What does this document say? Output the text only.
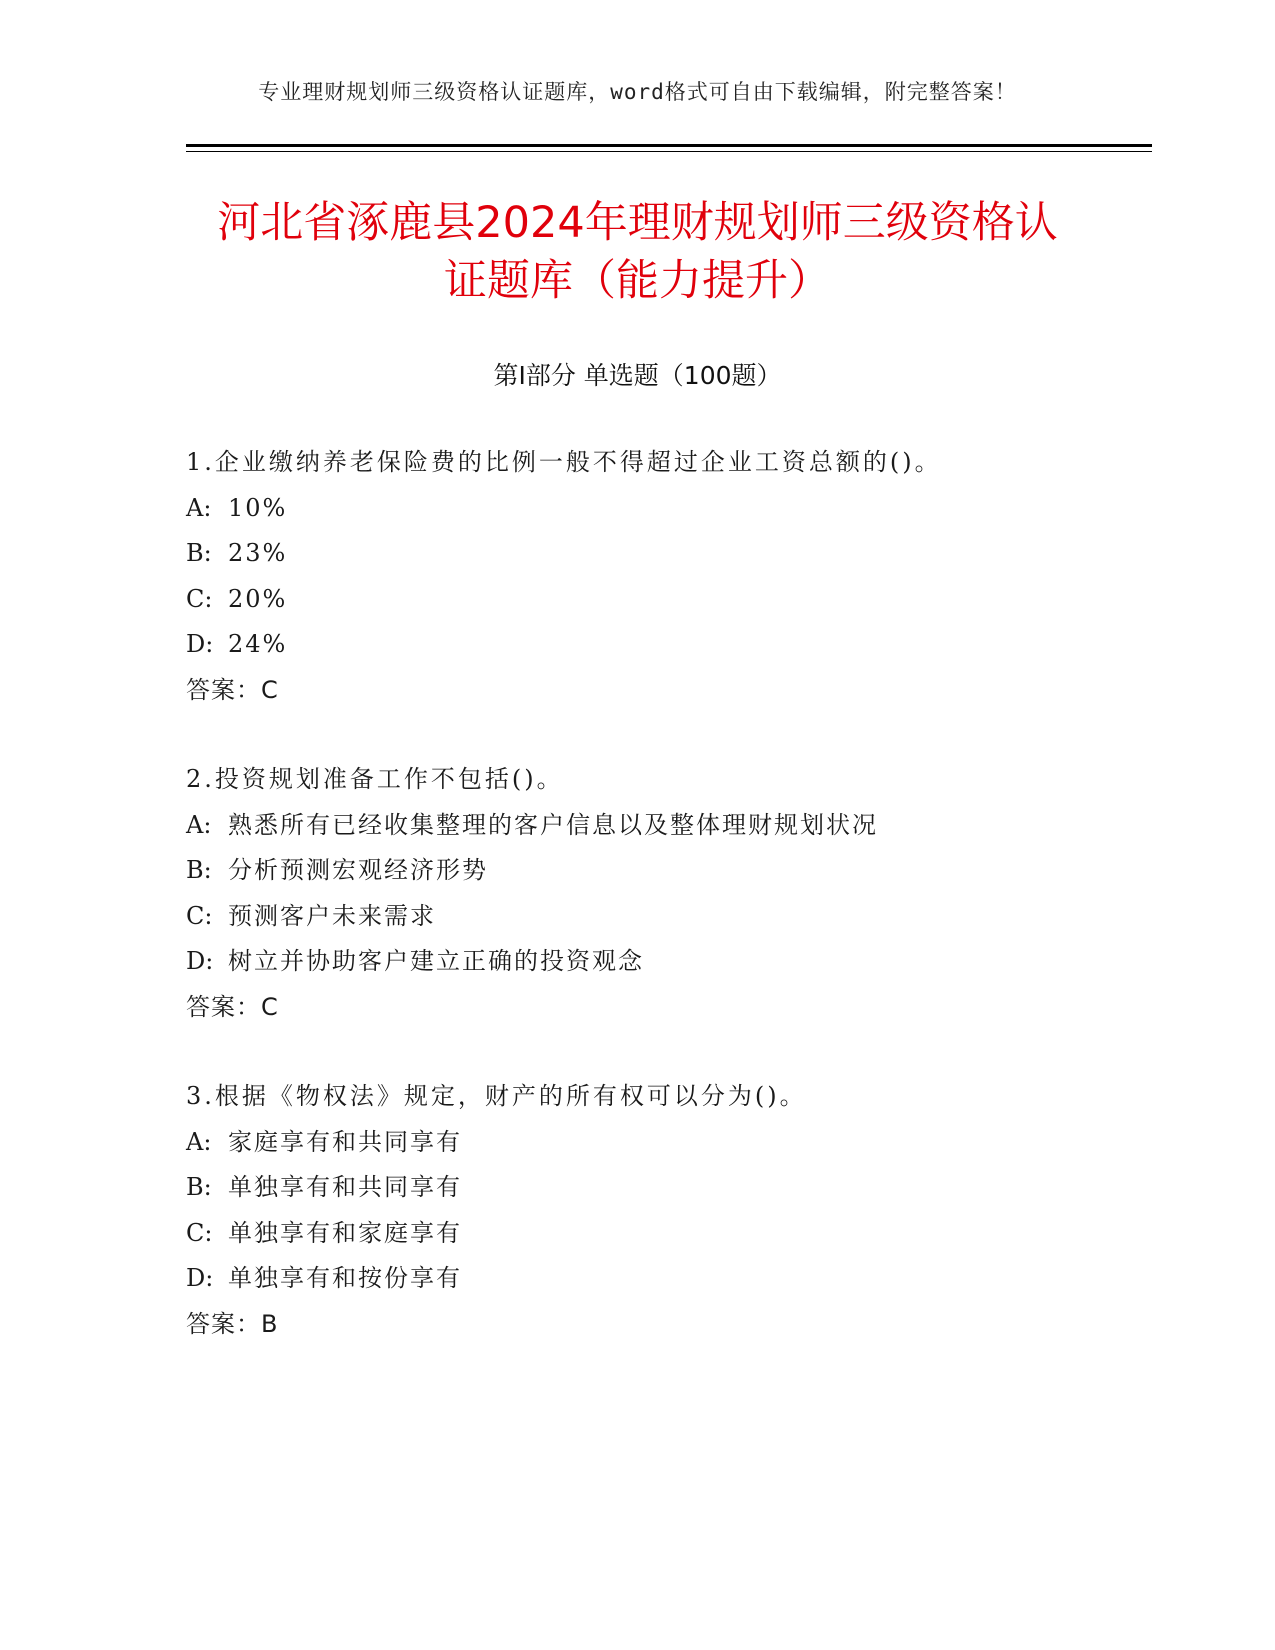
专业理财规划师三级资格认证题库，word格式可自由下载编辑，附完整答案！
河北省涿鹿县2024年理财规划师三级资格认
证题库（能力提升）
第Ⅰ部分 单选题（100题）
1.企业缴纳养老保险费的比例一般不得超过企业工资总额的()。
A: 10%
B: 23%
C: 20%
D: 24%
答案：C
2.投资规划准备工作不包括()。
A: 熟悉所有已经收集整理的客户信息以及整体理财规划状况
B: 分析预测宏观经济形势
C: 预测客户未来需求
D: 树立并协助客户建立正确的投资观念
答案：C
3.根据《物权法》规定，财产的所有权可以分为()。
A: 家庭享有和共同享有
B: 单独享有和共同享有
C: 单独享有和家庭享有
D: 单独享有和按份享有
答案：B
